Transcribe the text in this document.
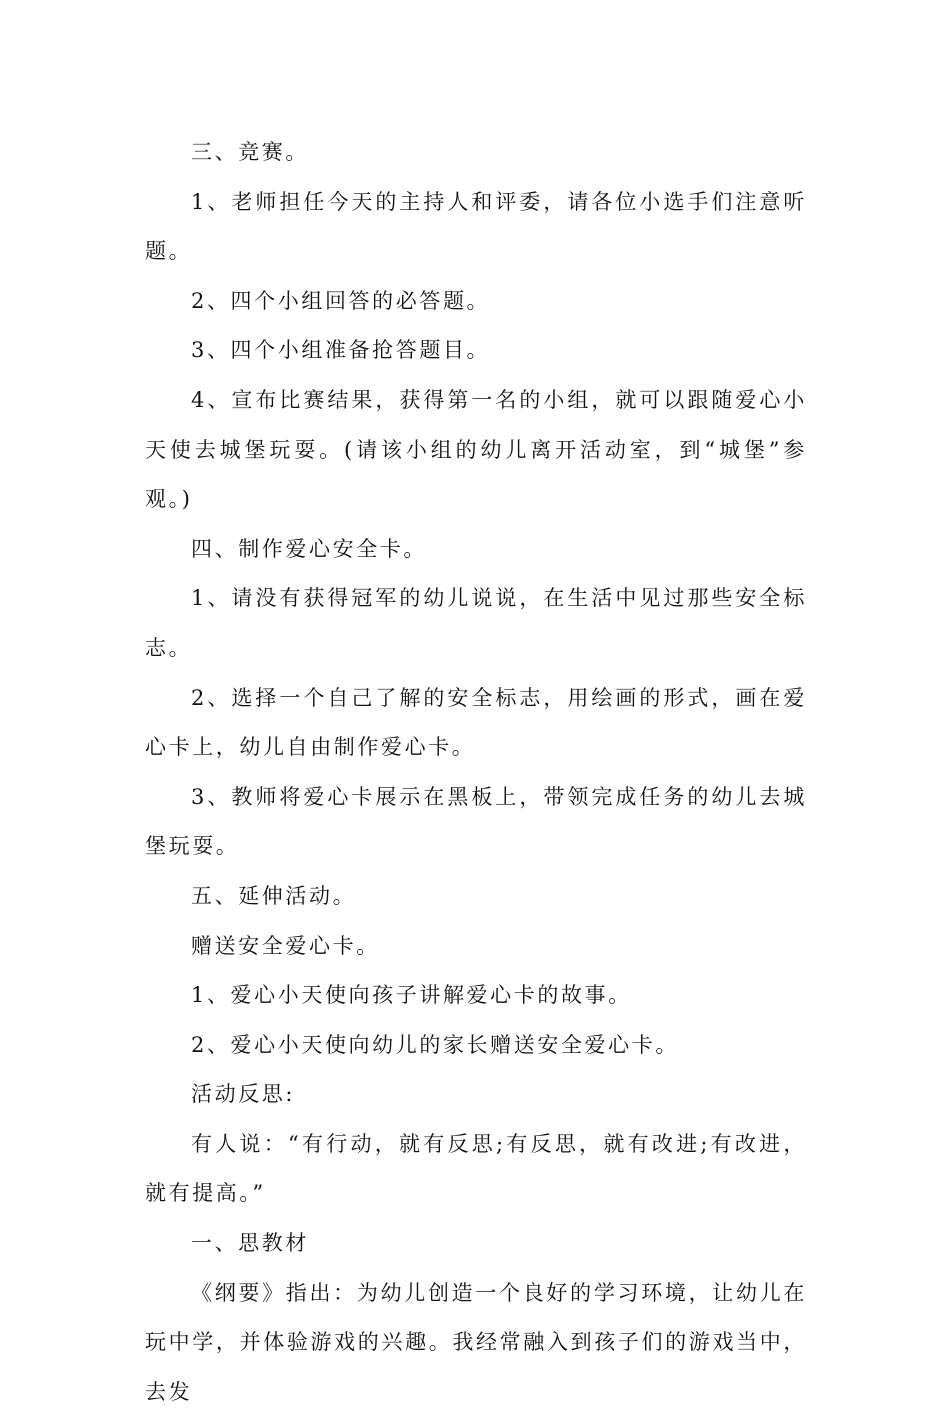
三、竞赛。

1、老师担任今天的主持人和评委，请各位小选手们注意听题。

2、四个小组回答的必答题。

3、四个小组准备抢答题目。

4、宣布比赛结果，获得第一名的小组，就可以跟随爱心小天使去城堡玩耍。(请该小组的幼儿离开活动室，到“城堡”参观。)

四、制作爱心安全卡。

1、请没有获得冠军的幼儿说说，在生活中见过那些安全标志。

2、选择一个自己了解的安全标志，用绘画的形式，画在爱心卡上，幼儿自由制作爱心卡。

3、教师将爱心卡展示在黑板上，带领完成任务的幼儿去城堡玩耍。

五、延伸活动。

赠送安全爱心卡。

1、爱心小天使向孩子讲解爱心卡的故事。

2、爱心小天使向幼儿的家长赠送安全爱心卡。

活动反思:

有人说：“有行动，就有反思;有反思，就有改进;有改进，就有提高。”

一、思教材

《纲要》指出：为幼儿创造一个良好的学习环境，让幼儿在玩中学，并体验游戏的兴趣。我经常融入到孩子们的游戏当中，去发
